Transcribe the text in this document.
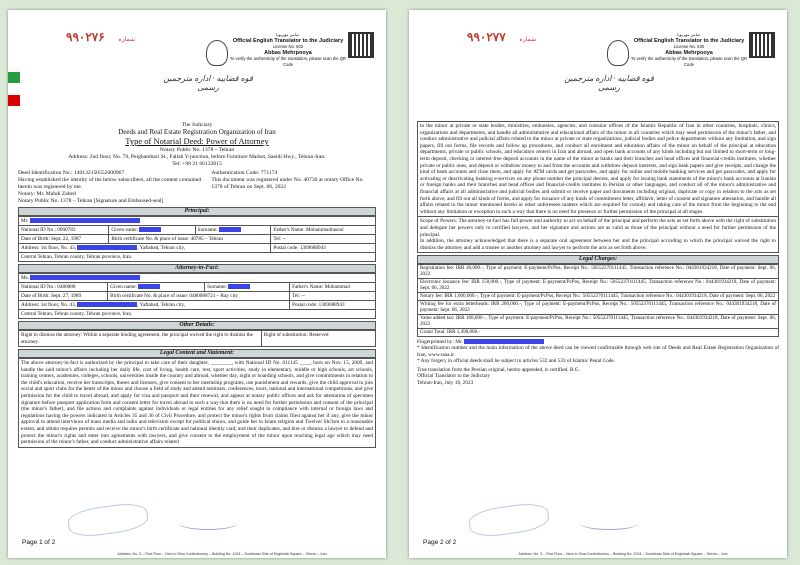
۹۹۰۲۷۶ شماره
عباس مهرپویا
Official English Translator to the Judiciary
License No. 502
Abbas Mehrpooya
To verify the authenticity of the translation, please scan the QR Code
قوه قضاییه · اداره مترجمین رسمی
The Judiciary
Deeds and Real Estate Registration Organization of Iran
Type of Notarial Deed: Power of Attorney
Notary Public No. 1378 – Tehran
Address: 2nd floor, No. 79, Peighambari St., Fallah Y-junction, before Furniture Market, Saeidi Hwy., Tehran-Iran.
Tel: +98 21 66132015
Deed Identification No.: 140132150552000967	Authentication Code: 771174
Having established the identity of the below subscribers, all the content contained herein was registered by me.
This document was registered under No. 40730 at notary Office No. 1378 of Tehran on Sept. 06, 2022
Notary: Mr. Mahdi Zahed
Notary Public No. 1378 – Tehran [Signature and Embossed-seal]
Principal:
Mr.			
National ID No.: 0090783	Given name:	Surname:	Father's Name: Mohammadrasoul
Date of Birth: Sept. 22, 1987	Birth certificate No. & place of issue: 40785 – Tehran		Tel: --
Address: 1st floor, No. 43, , Yaftabad, Tehran city,			Postal code: 1369688943
Central Tehran, Tehran county, Tehran province, Iran.			
Attorney-in-Fact:
Ms.			
National ID No.: 0480088	Given name:	Surname:	Father's Name: Mohammad
Date of Birth: Sept. 27, 1989	Birth certificate No. & place of issue: 0480088721 – Ray city		Tel: --
Address: 1st floor, No. 43, , Yaftabad, Tehran city,			Postal code: 1369688943
Central Tehran, Tehran county, Tehran province, Iran.			
Other Details:
Right to dismiss the attorney: Within a separate binding agreement, the principal waived the right to dismiss the attorney.	Right of substitution: Reserved
Legal Content and Statement:
The above attorney-in-fact is authorized by the principal to take care of their daughter, ________, with National ID No. 011145 ____, born on Nov. 15, 2009, and handle the said minor's affairs including her daily life, cost of living, health care, rest, sport activities, study in elementary, middle or high schools, art schools, training centers, academies, colleges, schools, universities inside the country and abroad, whether day, night or boarding schools, and give commitments in relation to the child's education, receive her transcripts, theses and licenses, give consent to her internship programs, use punishment and rewards, give the child approval to join social and sport clubs for the better of the minor and choose a field of study and attend seminars, conferences, tours, national and international competitions, and give permission for the child to travel abroad, and apply for visa and passport and their renewal, and appear at notary public offices and ask for attestation of specimen signature before passport application form and consent letter for travel abroad in such a way that there is no need for further permission and consent of the principal (the minor's father), and file actions and complaints against individuals or legal entities for any relief sought in compliance with internal or foreign laws and regulations having the powers indicated in Articles 35 and 36 of Civil Procedure, and protect the minor's rights from claims filed against her if any, give the minor approval to attend interviews of mass media and radio and television except for political shows, and guide her to Islam religion and Twelver Shi'ism to a reasonable extent, and obtain requires permits and receive the minor's birth certificate and national identity card, and their duplicates, and hire or dismiss a lawyer to defend and protect the minor's rights and enter into agreements with lawyers, and give consent to the employment of the minor upon reaching legal age which may need permission of the minor's father, and conduct administrative affairs related
Page 1 of 2
Address: No. 3 – First Floor – Next to Sina Confectionery – Building No. 1024 – Southeast Side of Enghelab Square – Tehran – Iran
۹۹۰۲۷۷ شماره
عباس مهرپویا
Official English Translator to the Judiciary
License No. 530
Abbas Mehrpooya
To verify the authenticity of the translation, please scan the QR Code
قوه قضاییه · اداره مترجمین رسمی
to the minor at private or state bodies, ministries, embassies, agencies, and consular offices of the Islamic Republic of Iran in other countries, hospitals, clinics, organizations and departments, and handle all administrative and educational affairs of the minor in all countries which may need permission of the minor's father, and conduct administrative and judicial affairs related to the minor at private or state organizations, judicial bodies and police departments without any limitation, and sign papers, fill out forms, file records and follow up procedures, and conduct all enrolment and education affairs of the minor on behalf of the principal at education departments, private or public schools, and education centers in Iran and abroad, and open bank accounts of any kinds including but not limited to short-term or long-term deposit, checking or interest-free deposit accounts in the name of the minor at banks and their branches and head offices and financial-credits institutes, whether private or public ones, and deposit or withdraw money to and from the accounts and withdraw deposit interests, and sign bank papers and give receipts, and change the kind of bank accounts and close them, and apply for ATM cards and get passcodes, and apply for online and mobile banking services and get passcodes, and apply for activating or deactivating banking e-services on any phone number the principal desires, and apply for issuing bank statements of the minor's bank accounts at Iranian or foreign banks and their branches and head offices and financial-credits institutes in Persian or other languages, and conduct all of the minor's administrative and financial affairs at all administrative and judicial bodies and submit or receive paper and documents including original, duplicate or copy in relation to the acts as set forth above, and fill out all kinds of forms, and apply for issuance of any kinds of commitment letter, affidavit, letter of consent and signature attestation, and handle all affairs related to the minor mentioned herein or other unforeseen matters which are required for custody and taking care of the minor from the beginning to the end without any limitation or exception in such a way that there is no need for presence or further permission of the principal at all stages.
Scope of Powers: The attorney-in-fact has full power and authority to act on behalf of the principal and perform the acts as set forth above with the right of substitution and delegate her powers only to certified lawyers, and her signature and actions are as valid as those of the principal without a need for further permission of the principal.
In addition, the attorney acknowledged that there is a separate oral agreement between her and the principal according to which the principal waived the right to dismiss the attorney and add a trustee or another attorney and lawyer to perform the acts as set forth above.
Legal Charges:
Registration fee: IRR 40,000.-, Type of payment: E-payment/PcPos, Receipt No.: 50552370111445, Transaction reference No.: 044301934218, Date of payment: Sept. 06, 2022
Electronic issuance fee: IRR 150,000.-, Type of payment: E-payment/PcPos, Receipt No.: 50552370111445, Transaction reference No.: 044301934218, Date of payment: Sept. 06, 2022
Notary fee: IRR 1,000,000.-, Type of payment: E-payment/PcPos, Receipt No.: 50552370111445, Transaction reference No.: 044301934218, Date of payment: Sept. 06, 2022
Writing fee for extra letterheads: IRR 200,000.-, Type of payment: E-payment/PcPos, Receipt No.: 50552370111445, Transaction reference No.: 044301934218, Date of payment: Sept. 06, 2022
Value added tax: IRR 108,000.-, Type of payment: E-payment/PcPos, Receipt No.: 50552370111445, Transaction reference No.: 044301934218, Date of payment: Sept. 06, 2022
Grand Total: IRR 1,498,000.-
Fingerprinted by: Mr.
* Identification number and the main information of the above deed can be viewed confirmable through web site of Deeds and Real Estate Registration Organization of Iran, www.ssaa.ir.
* Any forgery in official deeds shall be subject to articles 532 and 533 of Islamic Penal Code.
True translation from the Persian original, hereto appended, is certified. B.G.
Official Translator to the Judiciary
Tehran-Iran, July 18, 2023
Page 2 of 2
Address: No. 3 – First Floor – Next to Sina Confectionery – Building No. 1024 – Southeast Side of Enghelab Square – Tehran – Iran
